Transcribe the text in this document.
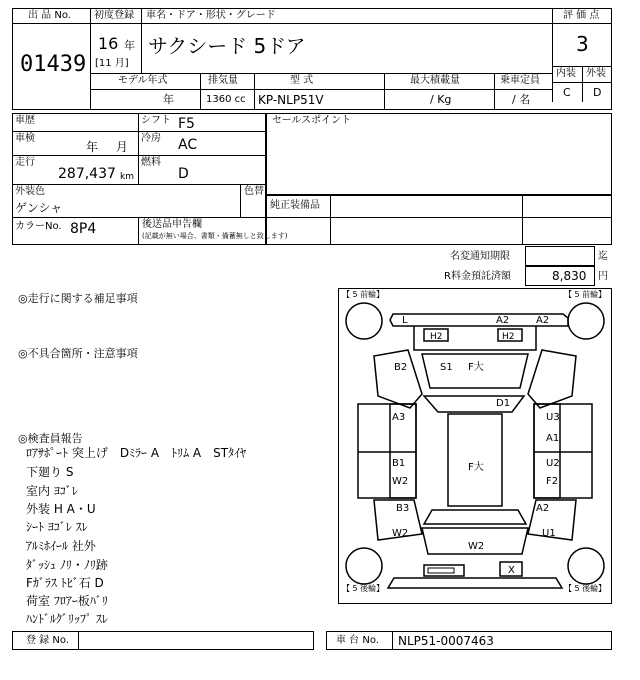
出 品 No.
01439
初度登録 車名・ドア・形状・グレード
16 年
[11 月]
サクシード 5ドア
評 価 点
3
内装 外装
C D
モデル年式	排気量	型 式	最大積載量	乗車定員
年	1360 cc KP-NLP51V	/ Kg	/ 名
車歴	シフト F5
車検
年 月
冷房 AC
走行
287,437 km
燃料
D
外装色
ゲンシャ
色替
カラーNo. 8P4	後送品申告欄
(記載が無い場合、書類・備蓄無しと致します)
セールスポイント
純正装備品
名変通知期限	迄
R料金預託済額	8,830 円
◎走行に関する補足事項
◎不具合箇所・注意事項
◎検査員報告
ﾛｱｻﾎﾟｰﾄ 突上げ　Dﾐﾗｰ A　ﾄﾘﾑ A　STﾀｲﾔ
下廻り S
室内 ﾖｺﾞﾚ
外装 H A・U
ｼｰﾄ ﾖｺﾞﾚ ｽﾚ
ｱﾙﾐﾎｲｰﾙ 社外
ﾀﾞｯｼｭ ﾉﾘ・ﾉﾘ跡
Fｶﾞﾗｽ ﾄﾋﾞ石 D
荷室 ﾌﾛｱｰ板ﾊﾞﾘ
ﾊﾝﾄﾞﾙｸﾞﾘｯﾌﾟ ｽﾚ
【 5 前輪】	【 5 前輪】
【 5 後輪】	【 5 後輪】
L	A2	A2
H2	H2
B2	S1 F大
D1
A3	U3
A1
B1	F大	U2
W2	F2
B3	A2
W2	U1
W2
X
登 録 No.	車 台 No. NLP51-0007463
